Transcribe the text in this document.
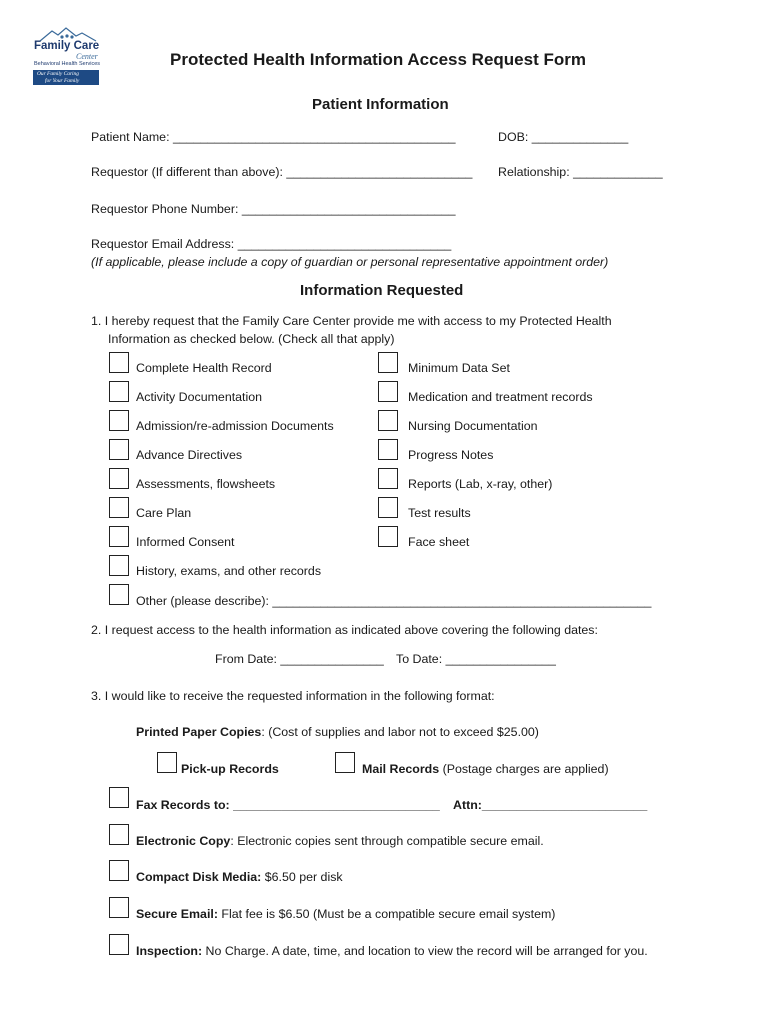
Family Care
Center
Behavioral Health Services
Our Family Caring
for Your Family
Protected Health Information Access Request Form
Patient Information
Patient Name: _________________________________________	DOB: ______________
Requestor (If different than above): ___________________________ Relationship: _____________
Requestor Phone Number: _______________________________
Requestor Email Address: _______________________________
(If applicable, please include a copy of guardian or personal representative appointment order)
Information Requested
1. I hereby request that the Family Care Center provide me with access to my Protected Health
Information as checked below. (Check all that apply)
Complete Health Record
Activity Documentation
Admission/re-admission Documents
Advance Directives
Assessments, flowsheets
Care Plan
Informed Consent
History, exams, and other records
Other (please describe): _______________________________________________________
Minimum Data Set
Medication and treatment records
Nursing Documentation
Progress Notes
Reports (Lab, x-ray, other)
Test results
Face sheet
2. I request access to the health information as indicated above covering the following dates:
From Date: _______________ To Date: ________________
3. I would like to receive the requested information in the following format:
Printed Paper Copies: (Cost of supplies and labor not to exceed $25.00)
Pick-up Records	Mail Records (Postage charges are applied)
Fax Records to: ______________________________ Attn:________________________
Electronic Copy: Electronic copies sent through compatible secure email.
Compact Disk Media: $6.50 per disk
Secure Email: Flat fee is $6.50 (Must be a compatible secure email system)
Inspection: No Charge. A date, time, and location to view the record will be arranged for you.
